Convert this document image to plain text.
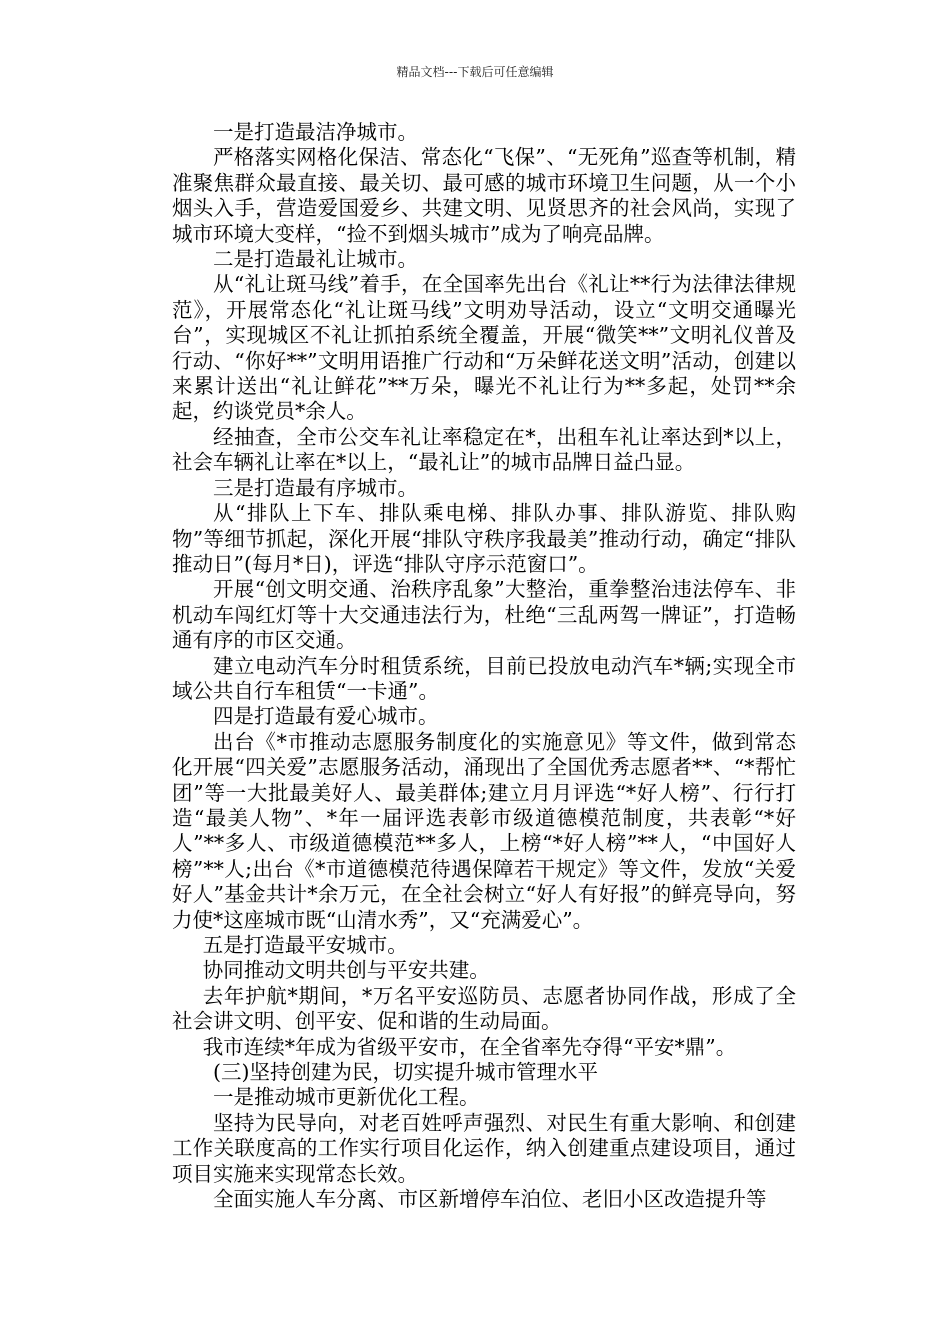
精品文档---下载后可任意编辑

一是打造最洁净城市。

严格落实网格化保洁、常态化“飞保”、“无死角”巡查等机制，精准聚焦群众最直接、最关切、最可感的城市环境卫生问题，从一个小烟头入手，营造爱国爱乡、共建文明、见贤思齐的社会风尚，实现了城市环境大变样，“捡不到烟头城市”成为了响亮品牌。

二是打造最礼让城市。

从“礼让斑马线”着手，在全国率先出台《礼让**行为法律法律规范》，开展常态化“礼让斑马线”文明劝导活动，设立“文明交通曝光台”，实现城区不礼让抓拍系统全覆盖，开展“微笑**”文明礼仪普及行动、“你好**”文明用语推广行动和“万朵鲜花送文明”活动，创建以来累计送出“礼让鲜花”**万朵，曝光不礼让行为**多起，处罚**余起，约谈党员*余人。

经抽查，全市公交车礼让率稳定在*，出租车礼让率达到*以上，社会车辆礼让率在*以上，“最礼让”的城市品牌日益凸显。

三是打造最有序城市。

从“排队上下车、排队乘电梯、排队办事、排队游览、排队购物”等细节抓起，深化开展“排队守秩序我最美”推动行动，确定“排队推动日”(每月*日)，评选“排队守序示范窗口”。

开展“创文明交通、治秩序乱象”大整治，重拳整治违法停车、非机动车闯红灯等十大交通违法行为，杜绝“三乱两驾一牌证”，打造畅通有序的市区交通。

建立电动汽车分时租赁系统，目前已投放电动汽车*辆;实现全市域公共自行车租赁“一卡通”。

四是打造最有爱心城市。

出台《*市推动志愿服务制度化的实施意见》等文件，做到常态化开展“四关爱”志愿服务活动，涌现出了全国优秀志愿者**、“*帮忙团”等一大批最美好人、最美群体;建立月月评选“*好人榜”、行行打造“最美人物”、*年一届评选表彰市级道德模范制度，共表彰“*好人”**多人、市级道德模范**多人，上榜“*好人榜”**人，“中国好人榜”**人;出台《*市道德模范待遇保障若干规定》等文件，发放“关爱好人”基金共计*余万元，在全社会树立“好人有好报”的鲜亮导向，努力使*这座城市既“山清水秀”，又“充满爱心”。

五是打造最平安城市。

协同推动文明共创与平安共建。

去年护航*期间，*万名平安巡防员、志愿者协同作战，形成了全社会讲文明、创平安、促和谐的生动局面。

我市连续*年成为省级平安市，在全省率先夺得“平安*鼎”。

(三)坚持创建为民，切实提升城市管理水平

一是推动城市更新优化工程。

坚持为民导向，对老百姓呼声强烈、对民生有重大影响、和创建工作关联度高的工作实行项目化运作，纳入创建重点建设项目，通过项目实施来实现常态长效。

全面实施人车分离、市区新增停车泊位、老旧小区改造提升等
